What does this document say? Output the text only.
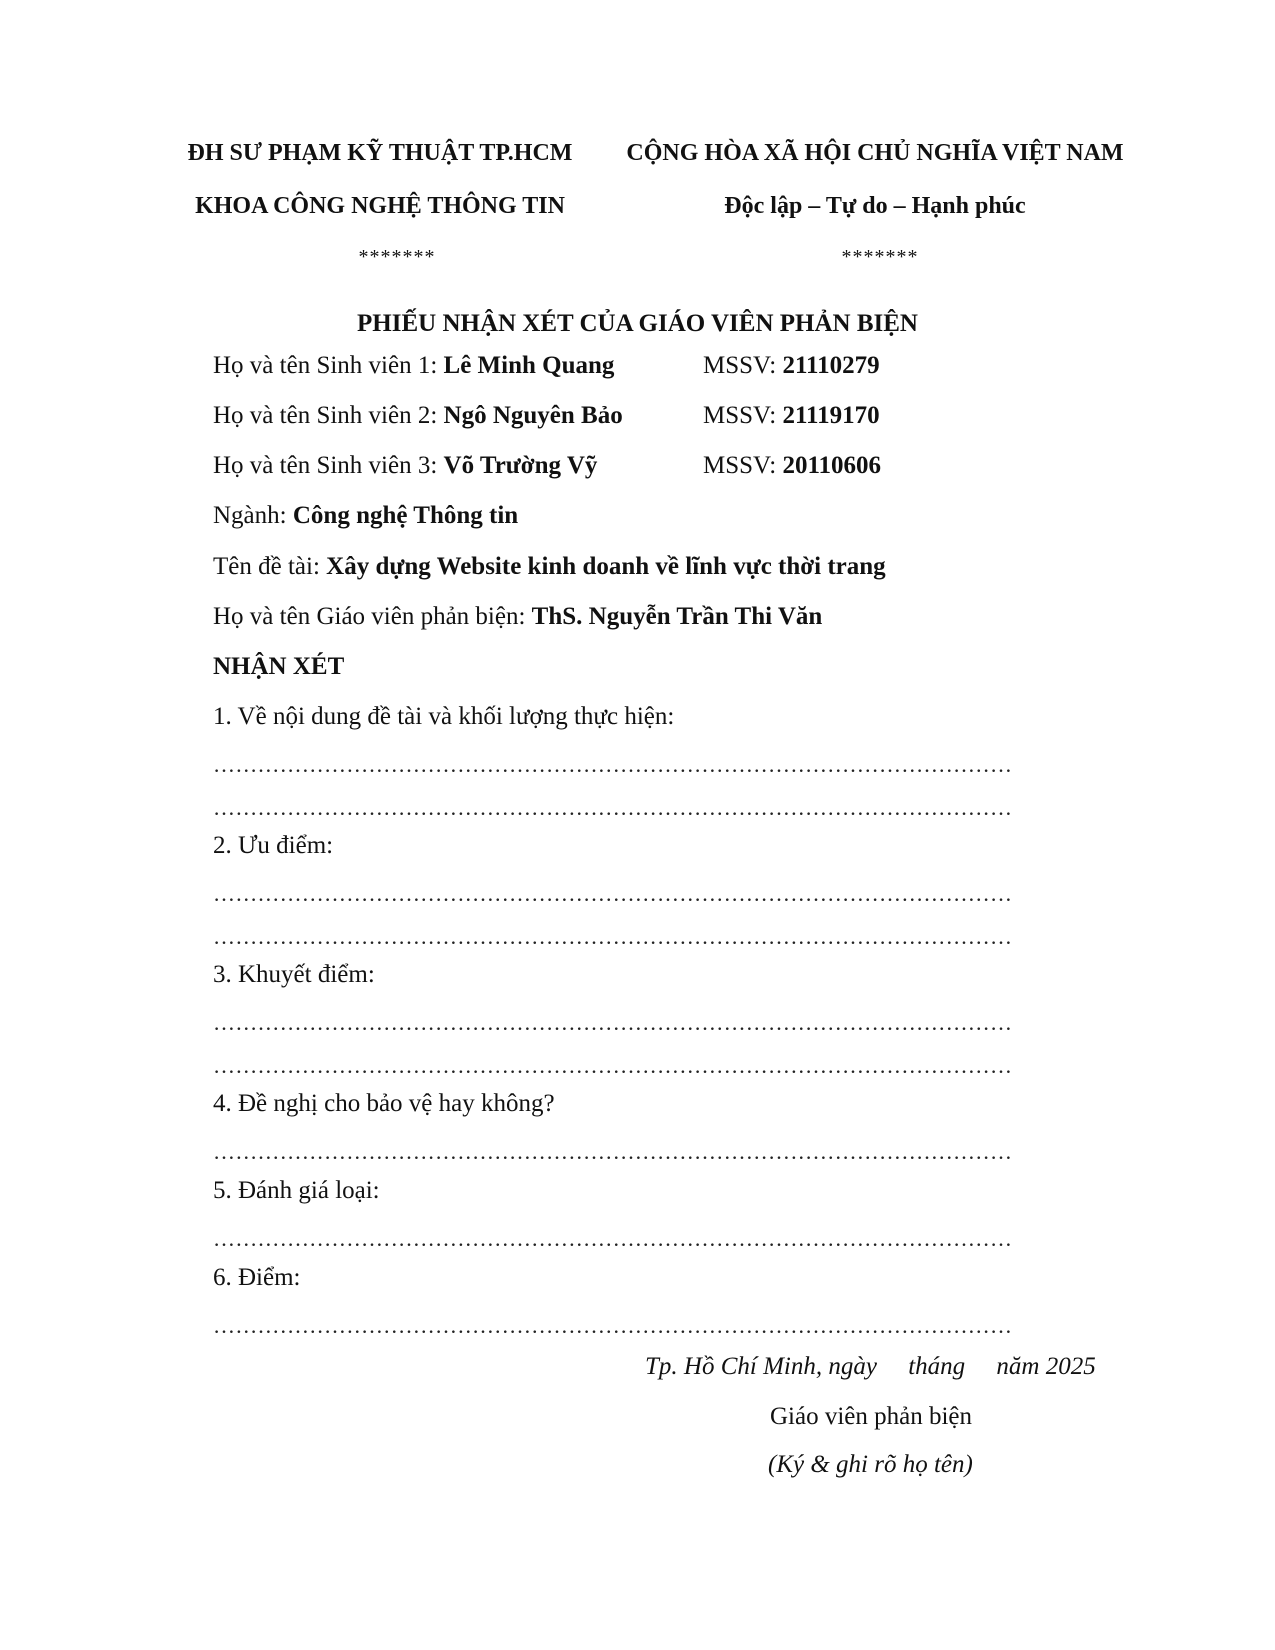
ĐH SƯ PHẠM KỸ THUẬT TP.HCM	CỘNG HÒA XÃ HỘI CHỦ NGHĨA VIỆT NAM
KHOA CÔNG NGHỆ THÔNG TIN	Độc lập – Tự do – Hạnh phúc
*******	*******
PHIẾU NHẬN XÉT CỦA GIÁO VIÊN PHẢN BIỆN
Họ và tên Sinh viên 1: Lê Minh Quang	MSSV: 21110279
Họ và tên Sinh viên 2: Ngô Nguyên Bảo	MSSV: 21119170
Họ và tên Sinh viên 3: Võ Trường Vỹ	MSSV: 20110606
Ngành: Công nghệ Thông tin
Tên đề tài: Xây dựng Website kinh doanh về lĩnh vực thời trang
Họ và tên Giáo viên phản biện: ThS. Nguyễn Trần Thi Văn
NHẬN XÉT
1. Về nội dung đề tài và khối lượng thực hiện:
………………………………………………………………………………………………
………………………………………………………………………………………………
2. Ưu điểm:
………………………………………………………………………………………………
………………………………………………………………………………………………
3. Khuyết điểm:
………………………………………………………………………………………………
………………………………………………………………………………………………
4. Đề nghị cho bảo vệ hay không?
………………………………………………………………………………………………
5. Đánh giá loại:
………………………………………………………………………………………………
6. Điểm:
………………………………………………………………………………………………
Tp. Hồ Chí Minh, ngày     tháng     năm 2025
Giáo viên phản biện
(Ký & ghi rõ họ tên)
